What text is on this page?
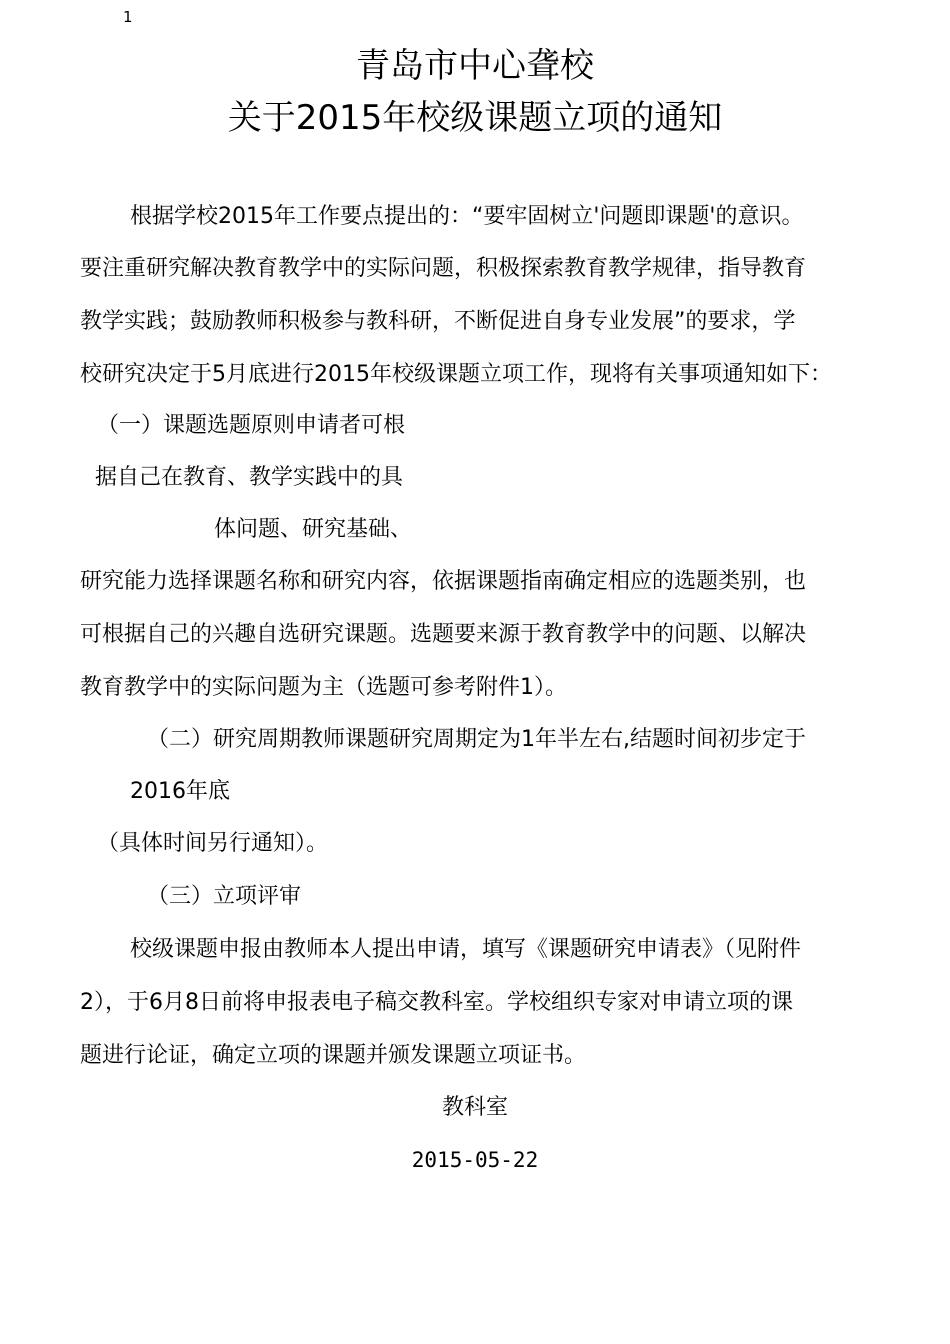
1
青岛市中心聋校
关于2015年校级课题立项的通知
根据学校2015年工作要点提出的：“要牢固树立'问题即课题'的意识。
要注重研究解决教育教学中的实际问题，积极探索教育教学规律，指导教育
教学实践；鼓励教师积极参与教科研，不断促进自身专业发展”的要求，学
校研究决定于5月底进行2015年校级课题立项工作，现将有关事项通知如下：
（一）课题选题原则申请者可根
据自己在教育、教学实践中的具
体问题、研究基础、
研究能力选择课题名称和研究内容，依据课题指南确定相应的选题类别，也
可根据自己的兴趣自选研究课题。选题要来源于教育教学中的问题、以解决
教育教学中的实际问题为主（选题可参考附件1）。
（二）研究周期教师课题研究周期定为1年半左右,结题时间初步定于
2016年底
（具体时间另行通知）。
（三）立项评审
校级课题申报由教师本人提出申请，填写《课题研究申请表》（见附件
2），于6月8日前将申报表电子稿交教科室。学校组织专家对申请立项的课
题进行论证，确定立项的课题并颁发课题立项证书。
教科室
2015-05-22
